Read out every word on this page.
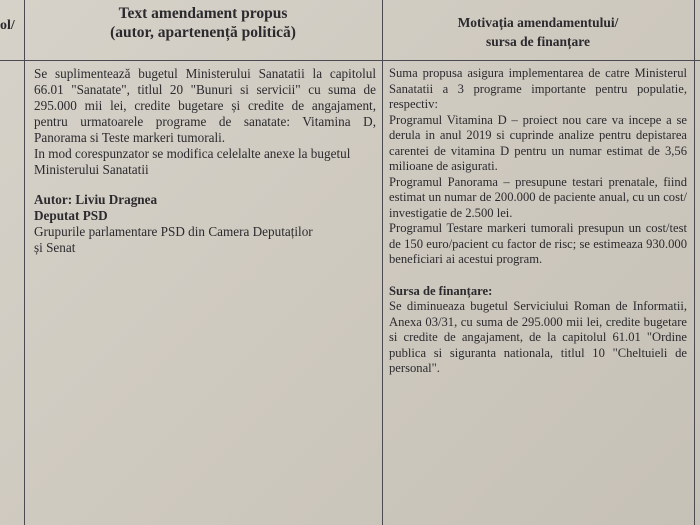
ol/
Text amendament propus
(autor, apartenență politică)
Motivația amendamentului/
sursa de finanțare

Se suplimentează bugetul Ministerului Sanatatii la capitolul 66.01 "Sanatate", titlul 20 "Bunuri si servicii" cu suma de 295.000 mii lei, credite bugetare și credite de angajament, pentru urmatoarele programe de sanatate: Vitamina D, Panorama si Teste markeri tumorali.

In mod corespunzator se modifica celelalte anexe la bugetul Ministerului Sanatatii

Autor: Liviu Dragnea

Deputat PSD

Grupurile parlamentare PSD din Camera Deputaților și Senat

Suma propusa asigura implementarea de catre Ministerul Sanatatii a 3 programe importante pentru populatie, respectiv:

Programul Vitamina D – proiect nou care va incepe a se derula in anul 2019 si cuprinde analize pentru depistarea carentei de vitamina D pentru un numar estimat de 3,56 milioane de asigurati.

Programul Panorama – presupune testari prenatale, fiind estimat un numar de 200.000 de paciente anual, cu un cost/ investigatie de 2.500 lei.

Programul Testare markeri tumorali presupun un cost/test de 150 euro/pacient cu factor de risc; se estimeaza 930.000 beneficiari ai acestui program.

Sursa de finanțare:

Se diminueaza bugetul Serviciului Roman de Informatii, Anexa 03/31, cu suma de 295.000 mii lei, credite bugetare si credite de angajament, de la capitolul 61.01 "Ordine publica si siguranta nationala, titlul 10 "Cheltuieli de personal".
